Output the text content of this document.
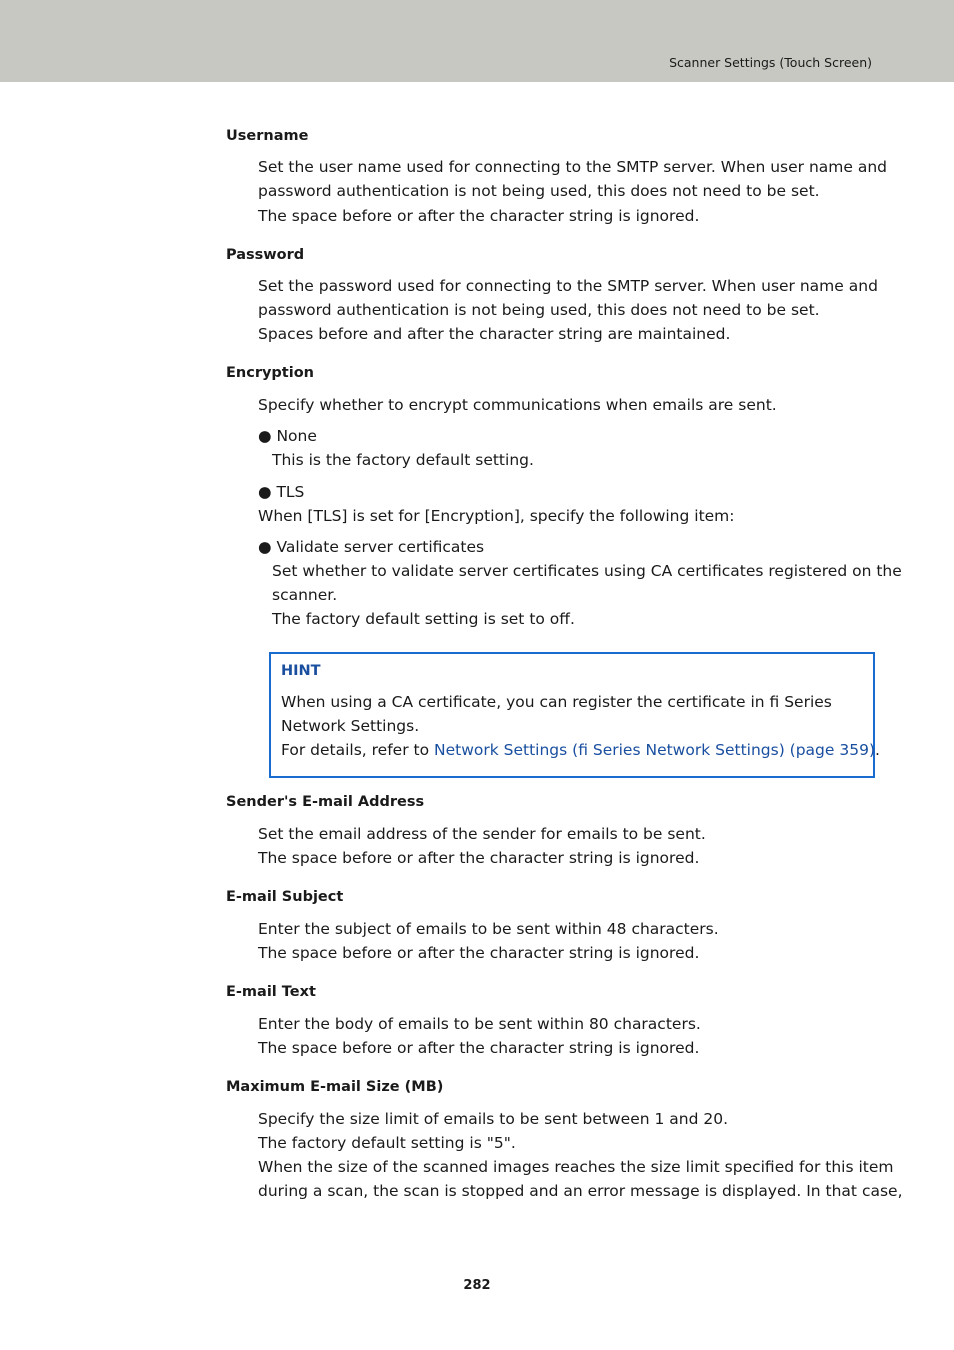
Scanner Settings (Touch Screen)
Username
Set the user name used for connecting to the SMTP server. When user name and
password authentication is not being used, this does not need to be set.
The space before or after the character string is ignored.
Password
Set the password used for connecting to the SMTP server. When user name and
password authentication is not being used, this does not need to be set.
Spaces before and after the character string are maintained.
Encryption
Specify whether to encrypt communications when emails are sent.
● None
This is the factory default setting.
● TLS
When [TLS] is set for [Encryption], specify the following item:
● Validate server certificates
Set whether to validate server certificates using CA certificates registered on the
scanner.
The factory default setting is set to off.
HINT
When using a CA certificate, you can register the certificate in fi Series
Network Settings.
For details, refer to Network Settings (fi Series Network Settings) (page 359).
Sender's E-mail Address
Set the email address of the sender for emails to be sent.
The space before or after the character string is ignored.
E-mail Subject
Enter the subject of emails to be sent within 48 characters.
The space before or after the character string is ignored.
E-mail Text
Enter the body of emails to be sent within 80 characters.
The space before or after the character string is ignored.
Maximum E-mail Size (MB)
Specify the size limit of emails to be sent between 1 and 20.
The factory default setting is "5".
When the size of the scanned images reaches the size limit specified for this item
during a scan, the scan is stopped and an error message is displayed. In that case,
282
